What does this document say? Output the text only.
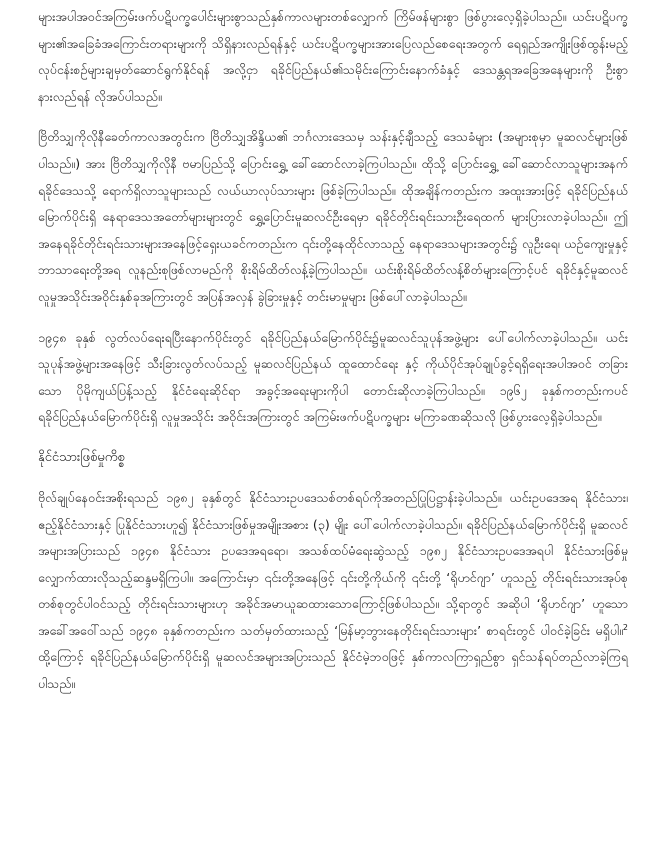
များအပါအဝင်အကြမ်းဖက်ပဋိပက္ခပေါင်းများစွာသည်နှစ်ကာလများတစ်လျှောက် ကြိမ်ဖန်များစွာ ဖြစ်ပွားလေ့ရှိခဲ့ပါသည်။ ယင်းပဋိပက္ခများ၏အခြေခံအကြောင်းတရားများကို သိရှိနားလည်ရန်နှင့် ယင်းပဋိပက္ခများအားပြေလည်စေရေးအတွက် ရေရှည်အကျိုးဖြစ်ထွန်းမည့် လုပ်ငန်းစဉ်များချမှတ်ဆောင်ရွက်နိုင်ရန် အလို့ငှာ ရခိုင်ပြည်နယ်၏သမိုင်းကြောင်းနောက်ခံနှင့် ဒေသန္တရအခြေအနေများကို ဦးစွာနားလည်ရန် လိုအပ်ပါသည်။

ဗြိတိသျှကိုလိုနီခေတ်ကာလအတွင်းက ဗြိတိသျှအိန္ဒိယ၏ ဘင်္ဂလားဒေသမှ သန်းနှင့်ချီသည့် ဒေသခံများ (အများစုမှာ မူဆလင်များဖြစ်ပါသည်။) အား ဗြိတိသျှကိုလိုနီ ဗမာပြည်သို့ ပြောင်းရွှေ့ ခေါ်ဆောင်လာခဲ့ကြပါသည်။ ထိုသို့ ပြောင်းရွှေ့ ခေါ်ဆောင်လာသူများအနက် ရခိုင်ဒေသသို့ ရောက်ရှိလာသူများသည် လယ်ယာလုပ်သားများ ဖြစ်ခဲ့ကြပါသည်။ ထိုအချိန်ကတည်းက အထူးအားဖြင့် ရခိုင်ပြည်နယ်မြောက်ပိုင်းရှိ နေရာဒေသအတော်များများတွင် ရွှေ့ပြောင်းမူဆလင်ဦးရေမှာ ရခိုင်တိုင်းရင်းသားဦးရေထက် များပြားလာခဲ့ပါသည်။ ဤအနေရခိုင်တိုင်းရင်းသားများအနေဖြင့်ရှေးယခင်ကတည်းက ၎င်းတို့နေထိုင်လာသည့် နေရာဒေသများအတွင်း၌ လူဦးရေ၊ ယဉ်ကျေးမှုနှင့် ဘာသာရေးတို့အရ လူနည်းစုဖြစ်လာမည်ကို စိုးရိမ်ထိတ်လန့်ခဲ့ကြပါသည်။ ယင်းစိုးရိမ်ထိတ်လန့်စိတ်များကြောင့်ပင် ရခိုင်နှင့်မူဆလင် လူမှုအသိုင်းအဝိုင်းနှစ်ခုအကြားတွင် အပြန်အလှန် ခွဲခြားမှုနှင့် တင်းမာမှုများ ဖြစ်ပေါ်လာခဲ့ပါသည်။

၁၉၄၈ ခုနှစ် လွတ်လပ်ရေးရပြီးနောက်ပိုင်းတွင် ရခိုင်ပြည်နယ်မြောက်ပိုင်း၌မူဆလင်သူပုန်အဖွဲ့များ ပေါ်ပေါက်လာခဲ့ပါသည်။ ယင်းသူပုန်အဖွဲ့များအနေဖြင့် သီးခြားလွတ်လပ်သည့် မူဆလင်ပြည်နယ် ထူထောင်ရေး နှင့် ကိုယ်ပိုင်အုပ်ချုပ်ခွင့်ရရှိရေးအပါအဝင် တခြားသော ပိုမိုကျယ်ပြန့်သည့် နိုင်ငံရေးဆိုင်ရာ အခွင့်အရေးများကိုပါ တောင်းဆိုလာခဲ့ကြပါသည်။ ၁၉၆၂ ခုနှစ်ကတည်းကပင် ရခိုင်ပြည်နယ်မြောက်ပိုင်းရှိ လူမှုအသိုင်း အဝိုင်းအကြားတွင် အကြမ်းဖက်ပဋိပက္ခများ မကြာခဏဆိုသလို ဖြစ်ပွားလေ့ရှိခဲ့ပါသည်။

နိုင်ငံသားဖြစ်မှုကိစ္စ

ဗိုလ်ချုပ်နေဝင်းအစိုးရသည် ၁၉၈၂ ခုနှစ်တွင် နိုင်ငံသားဥပဒေသစ်တစ်ရပ်ကိုအတည်ပြုပြဋ္ဌာန်းခဲ့ပါသည်။ ယင်းဥပဒေအရ နိုင်ငံသား၊ ဧည့်နိုင်ငံသားနှင့် ပြုနိုင်ငံသားဟူ၍ နိုင်ငံသားဖြစ်မှုအမျိုးအစား (၃) မျိုး ပေါ်ပေါက်လာခဲ့ပါသည်။ ရခိုင်ပြည်နယ်မြောက်ပိုင်းရှိ မူဆလင်အများအပြားသည် ၁၉၄၈ နိုင်ငံသား ဥပဒေအရရော၊ အသစ်ထပ်မံရေးဆွဲသည့် ၁၉၈၂ နိုင်ငံသားဥပဒေအရပါ နိုင်ငံသားဖြစ်မှု လျှောက်ထားလိုသည့်ဆန္ဒမရှိကြပါ။ အကြောင်းမှာ ၎င်းတို့အနေဖြင့် ၎င်းတို့ကိုယ်ကို ၎င်းတို့ ‘ရိုဟင်ဂျာ’ ဟူသည့် တိုင်းရင်းသားအုပ်စုတစ်စုတွင်ပါဝင်သည့် တိုင်းရင်းသားများဟု အခိုင်အမာယူဆထားသောကြောင့်ဖြစ်ပါသည်။ သို့ရာတွင် အဆိုပါ ‘ရိုဟင်ဂျာ’ ဟူသော အခေါ်အဝေါ်သည် ၁၉၄၈ ခုနှစ်ကတည်းက သတ်မှတ်ထားသည့် ‘မြန်မာ့ဘွားနေတိုင်းရင်းသားများ’ စာရင်းတွင် ပါဝင်ခဲ့ခြင်း မရှိပါ။$^2$ ထို့ကြောင့် ရခိုင်ပြည်နယ်မြောက်ပိုင်းရှိ မူဆလင်အများအပြားသည် နိုင်ငံမဲ့ဘဝဖြင့် နှစ်ကာလကြာရှည်စွာ ရှင်သန်ရပ်တည်လာခဲ့ကြရပါသည်။
